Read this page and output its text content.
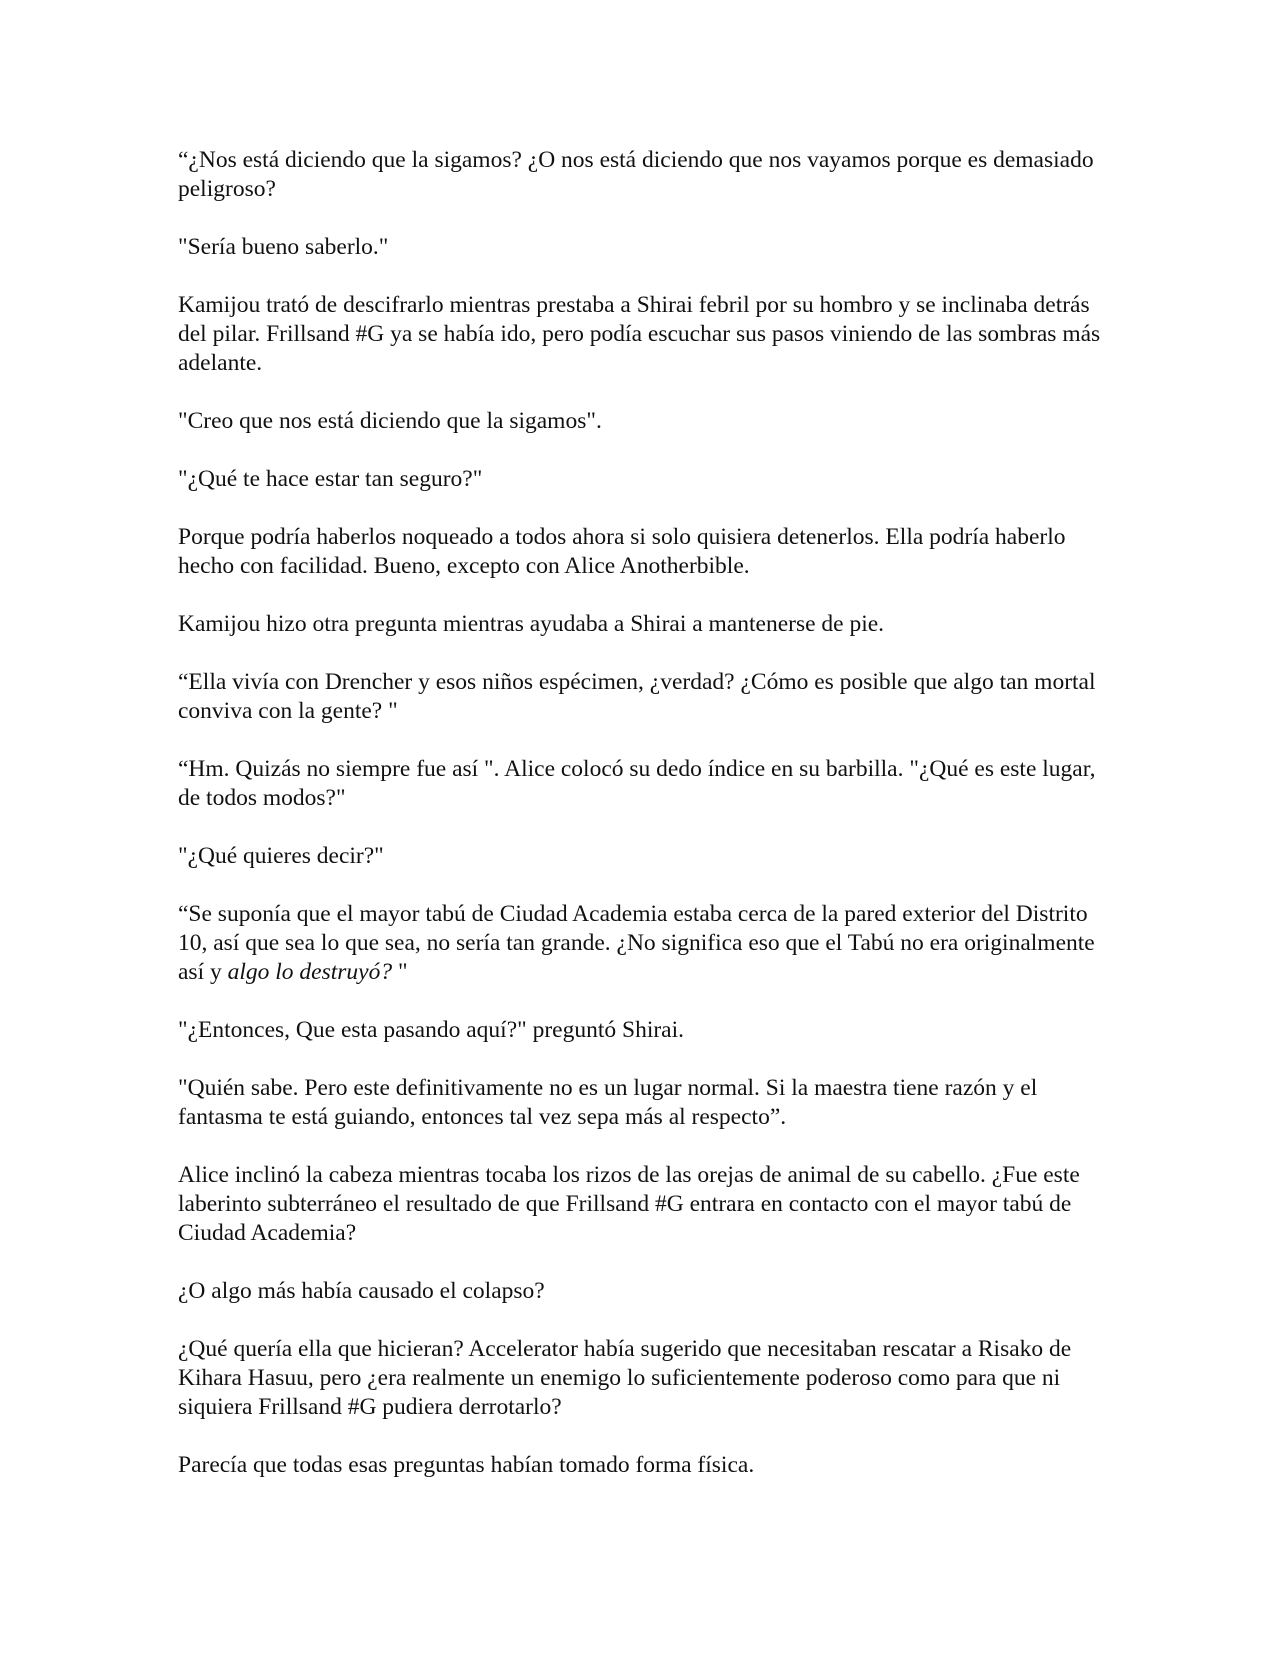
“¿Nos está diciendo que la sigamos? ¿O nos está diciendo que nos vayamos porque es demasiado peligroso?

"Sería bueno saberlo."

Kamijou trató de descifrarlo mientras prestaba a Shirai febril por su hombro y se inclinaba detrás del pilar. Frillsand #G ya se había ido, pero podía escuchar sus pasos viniendo de las sombras más adelante.

"Creo que nos está diciendo que la sigamos".

"¿Qué te hace estar tan seguro?"

Porque podría haberlos noqueado a todos ahora si solo quisiera detenerlos. Ella podría haberlo hecho con facilidad. Bueno, excepto con Alice Anotherbible.

Kamijou hizo otra pregunta mientras ayudaba a Shirai a mantenerse de pie.

“Ella vivía con Drencher y esos niños espécimen, ¿verdad? ¿Cómo es posible que algo tan mortal conviva con la gente? "

“Hm. Quizás no siempre fue así ". Alice colocó su dedo índice en su barbilla. "¿Qué es este lugar, de todos modos?"

"¿Qué quieres decir?"

“Se suponía que el mayor tabú de Ciudad Academia estaba cerca de la pared exterior del Distrito 10, así que sea lo que sea, no sería tan grande. ¿No significa eso que el Tabú no era originalmente así y algo lo destruyó? "

"¿Entonces, Que esta pasando aquí?" preguntó Shirai.

"Quién sabe. Pero este definitivamente no es un lugar normal. Si la maestra tiene razón y el fantasma te está guiando, entonces tal vez sepa más al respecto”.

Alice inclinó la cabeza mientras tocaba los rizos de las orejas de animal de su cabello. ¿Fue este laberinto subterráneo el resultado de que Frillsand #G entrara en contacto con el mayor tabú de Ciudad Academia?

¿O algo más había causado el colapso?

¿Qué quería ella que hicieran? Accelerator había sugerido que necesitaban rescatar a Risako de Kihara Hasuu, pero ¿era realmente un enemigo lo suficientemente poderoso como para que ni siquiera Frillsand #G pudiera derrotarlo?

Parecía que todas esas preguntas habían tomado forma física.
